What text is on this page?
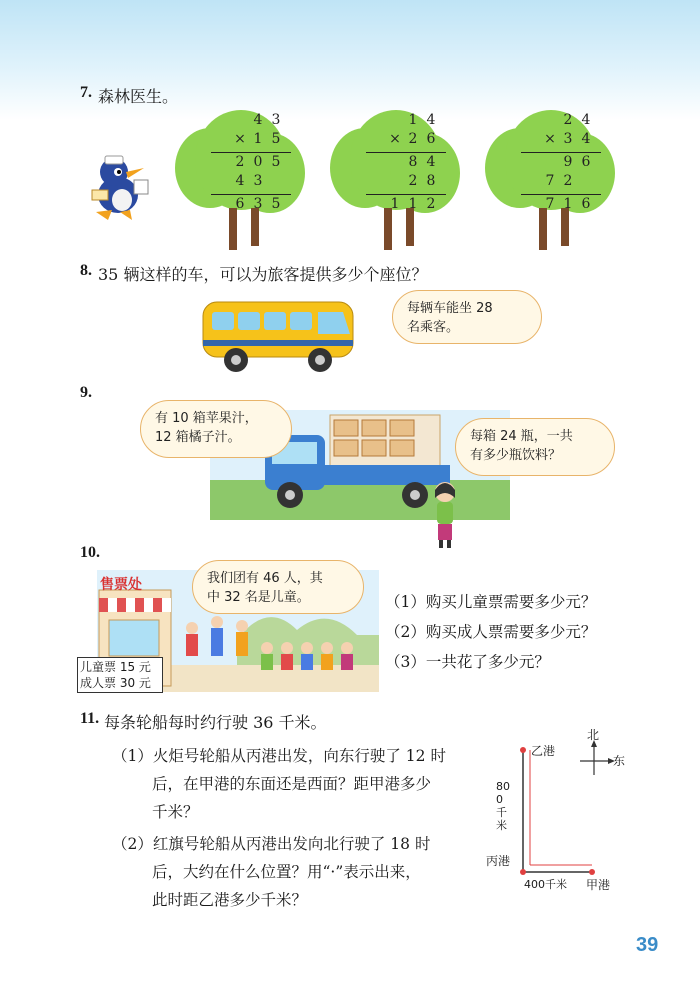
7. 森林医生。
4 3
× 1 5
2 0 5
4 3
6 3 5
1 4
× 2 6
8 4
2 8
1 1 2
2 4
× 3 4
9 6
7 2
7 1 6
8. 35 辆这样的车，可以为旅客提供多少个座位？
每辆车能坐 28
名乘客。
9.
有 10 箱苹果汁，
12 箱橘子汁。	每箱 24 瓶，一共
有多少瓶饮料？
10.
售票处	我们团有 46 人，其
中 32 名是儿童。
儿童票 15 元
成人票 30 元
（1）购买儿童票需要多少元？
（2）购买成人票需要多少元？
（3）一共花了多少元？
11. 每条轮船每时约行驶 36 千米。
（1）火炬号轮船从丙港出发，向东行驶了 12 时
后，在甲港的东面还是西面？距甲港多少
千米？
（2）红旗号轮船从丙港出发向北行驶了 18 时
后，大约在什么位置？用“·”表示出来，
此时距乙港多少千米？
北
东
乙港
丙港
甲港
800千米
400千米
39
